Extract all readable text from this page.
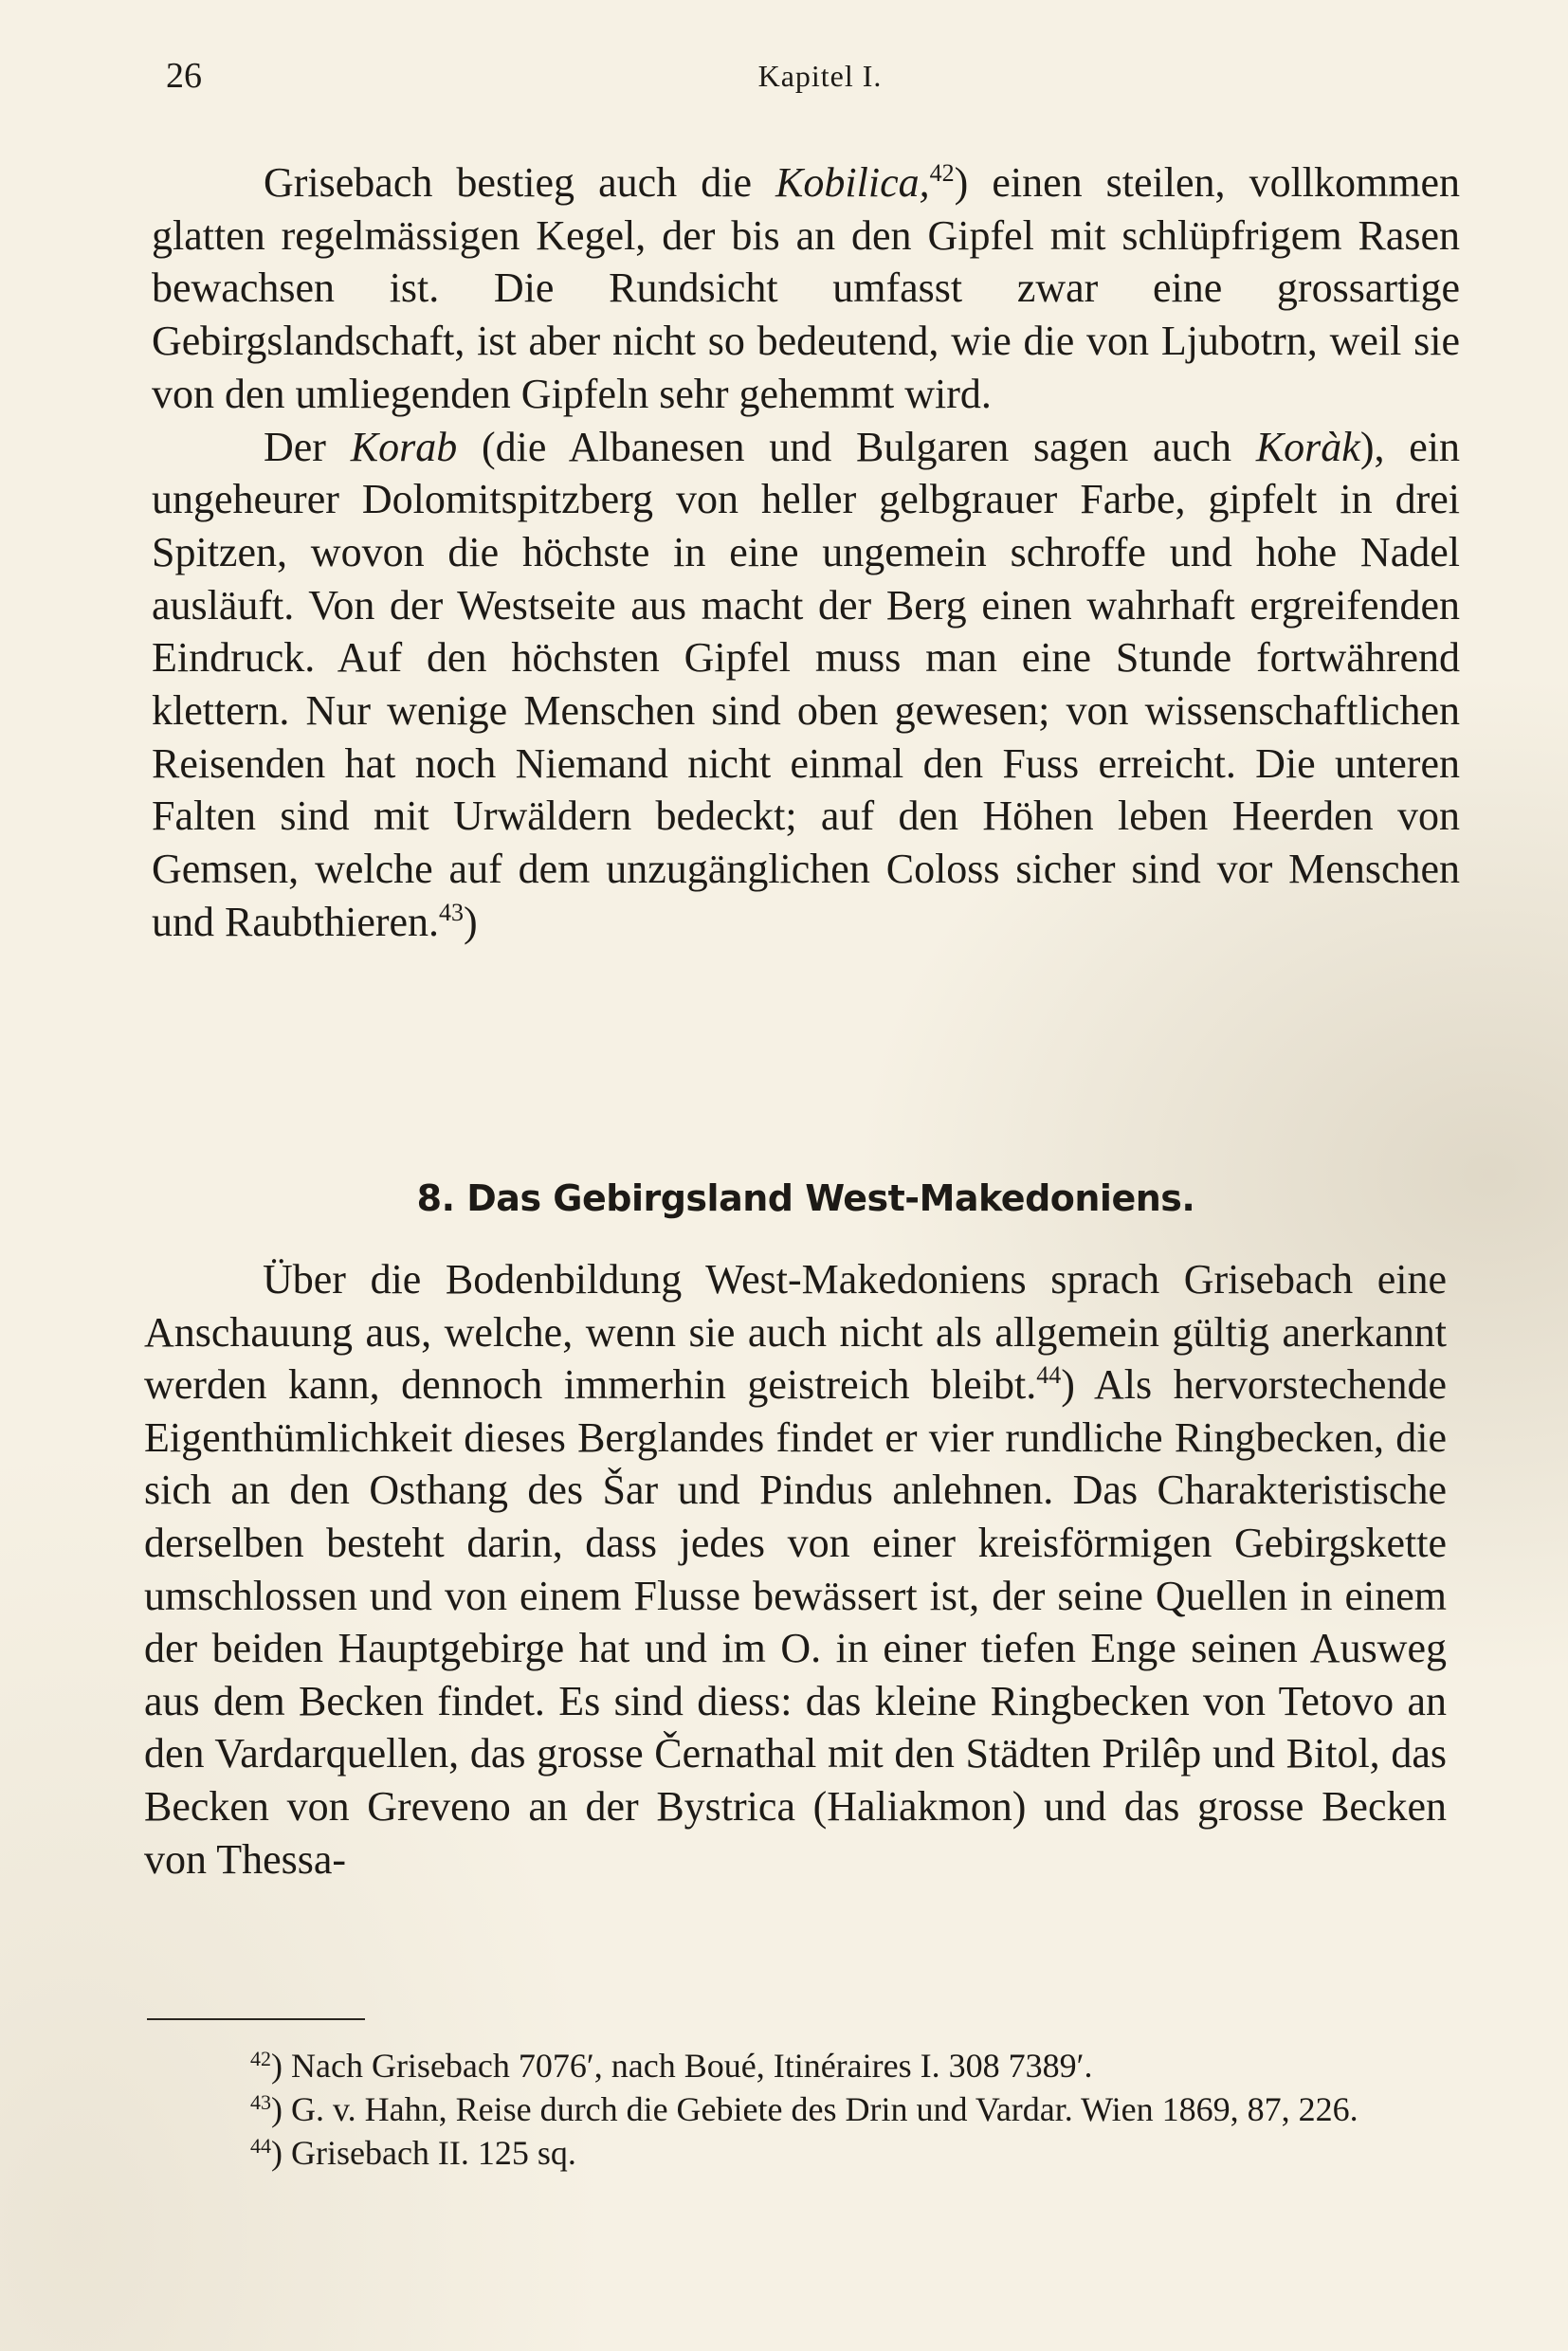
26	Kapitel I.

Grisebach bestieg auch die Kobilica,$^{42}$) einen steilen, vollkommen glatten regelmässigen Kegel, der bis an den Gipfel mit schlüpfrigem Rasen bewachsen ist. Die Rundsicht umfasst zwar eine grossartige Gebirgslandschaft, ist aber nicht so bedeutend, wie die von Ljubotrn, weil sie von den umliegenden Gipfeln sehr gehemmt wird.

Der Korab (die Albanesen und Bulgaren sagen auch Koràk), ein ungeheurer Dolomitspitzberg von heller gelbgrauer Farbe, gipfelt in drei Spitzen, wovon die höchste in eine ungemein schroffe und hohe Nadel ausläuft. Von der Westseite aus macht der Berg einen wahrhaft ergreifenden Eindruck. Auf den höchsten Gipfel muss man eine Stunde fortwährend klettern. Nur wenige Menschen sind oben gewesen; von wissenschaftlichen Reisenden hat noch Niemand nicht einmal den Fuss erreicht. Die unteren Falten sind mit Urwäldern bedeckt; auf den Höhen leben Heerden von Gemsen, welche auf dem unzugänglichen Coloss sicher sind vor Menschen und Raubthieren.$^{43}$)

8. Das Gebirgsland West-Makedoniens.

Über die Bodenbildung West-Makedoniens sprach Grisebach eine Anschauung aus, welche, wenn sie auch nicht als allgemein gültig anerkannt werden kann, dennoch immerhin geistreich bleibt.$^{44}$) Als hervorstechende Eigenthümlichkeit dieses Berglandes findet er vier rundliche Ringbecken, die sich an den Osthang des Šar und Pindus anlehnen. Das Charakteristische derselben besteht darin, dass jedes von einer kreisförmigen Gebirgskette umschlossen und von einem Flusse bewässert ist, der seine Quellen in einem der beiden Hauptgebirge hat und im O. in einer tiefen Enge seinen Ausweg aus dem Becken findet. Es sind diess: das kleine Ringbecken von Tetovo an den Vardarquellen, das grosse Černathal mit den Städten Prilêp und Bitol, das Becken von Greveno an der Bystrica (Haliakmon) und das grosse Becken von Thessa-

$^{42}$) Nach Grisebach 7076′, nach Boué, Itinéraires I. 308 7389′.

$^{43}$) G. v. Hahn, Reise durch die Gebiete des Drin und Vardar. Wien 1869, 87, 226.

$^{44}$) Grisebach II. 125 sq.
